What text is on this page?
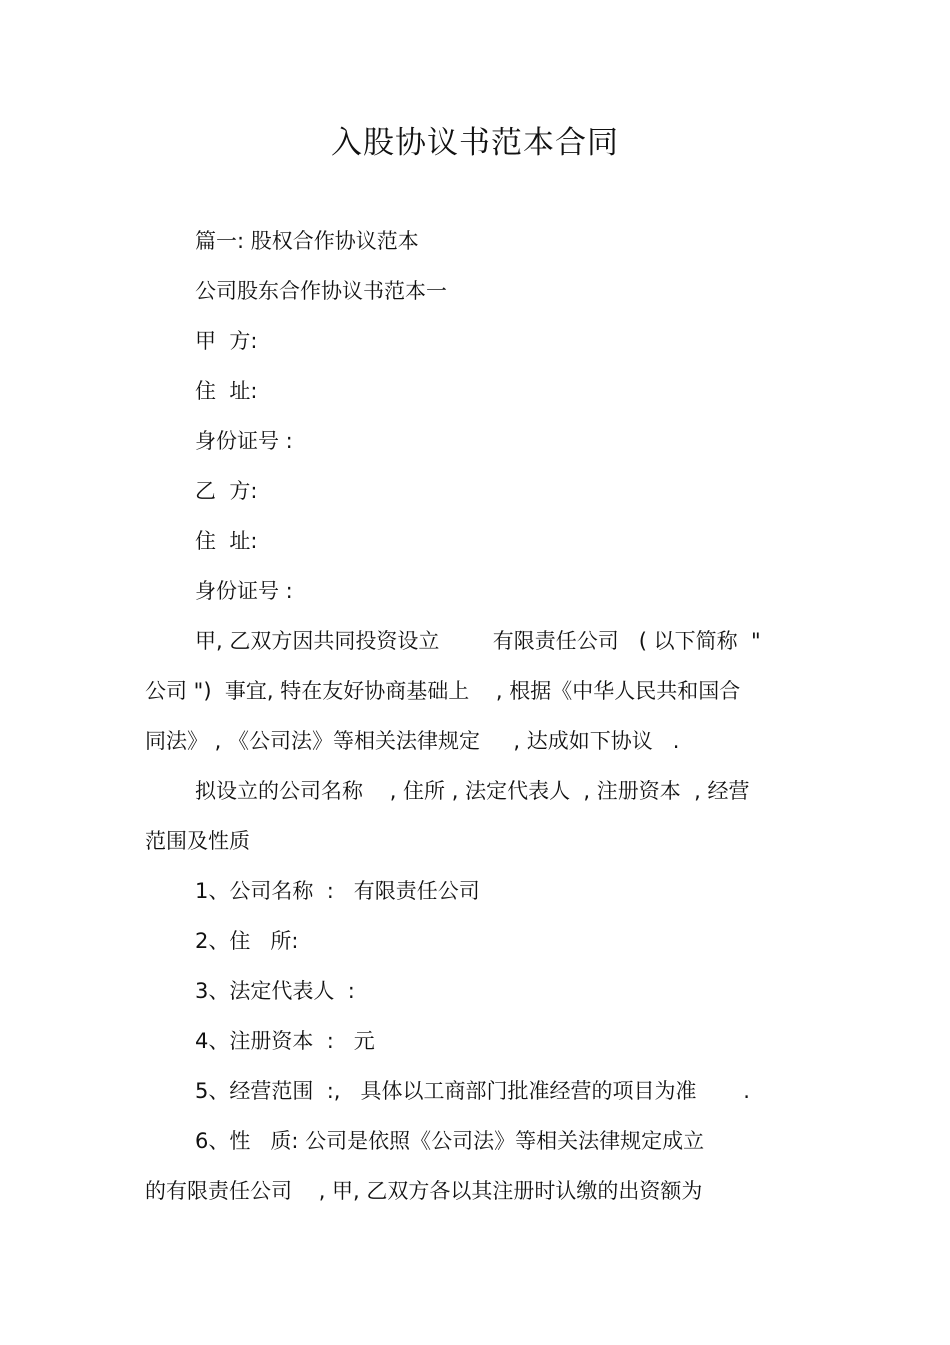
入股协议书范本合同
篇一: 股权合作协议范本
公司股东合作协议书范本一
甲  方:
住  址:
身份证号 :
乙  方:
住  址:
身份证号 :
甲, 乙双方因共同投资设立        有限责任公司   ( 以下简称  "
公司 ")  事宜, 特在友好协商基础上    , 根据《中华人民共和国合
同法》 , 《公司法》等相关法律规定     , 达成如下协议   .
拟设立的公司名称    , 住所 , 法定代表人  , 注册资本  , 经营
范围及性质
1、公司名称  :   有限责任公司
2、住   所:
3、法定代表人  :
4、注册资本  :   元
5、经营范围  :,   具体以工商部门批准经营的项目为准       .
6、性   质: 公司是依照《公司法》等相关法律规定成立
的有限责任公司    , 甲, 乙双方各以其注册时认缴的出资额为
